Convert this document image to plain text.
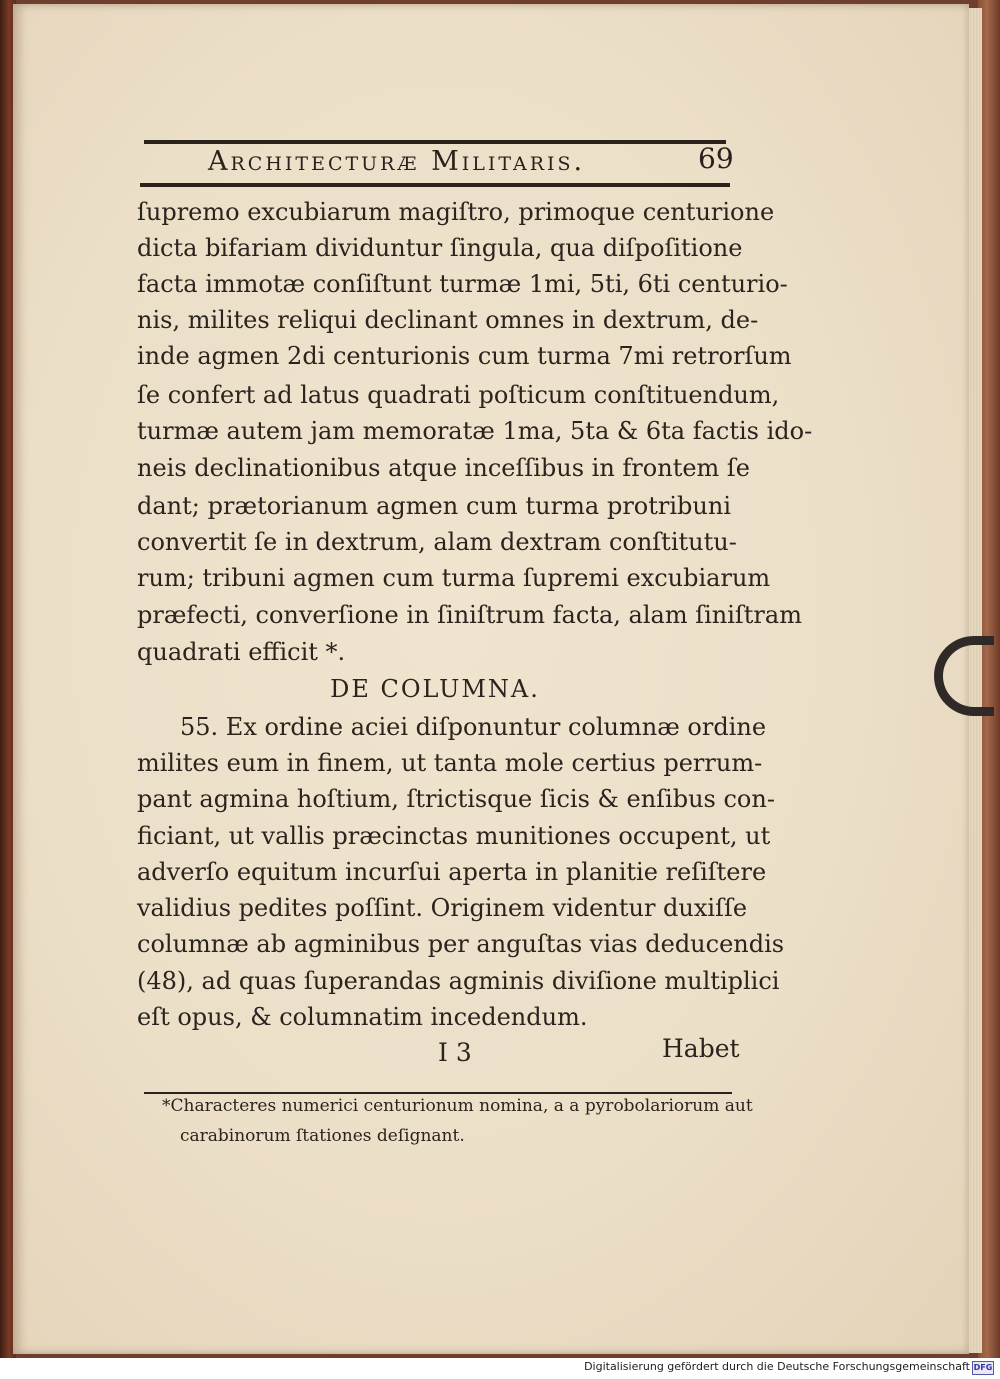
Architecturæ Militaris.	69
ſupremo excubiarum magiſtro, primoque centurione
dicta bifariam dividuntur ſingula, qua diſpoſitione
facta immotæ conſiſtunt turmæ 1mi, 5ti, 6ti centurio-
nis, milites reliqui declinant omnes in dextrum, de-
inde agmen 2di centurionis cum turma 7mi retrorſum
ſe confert ad latus quadrati poſticum conſtituendum,
turmæ autem jam memoratæ 1ma, 5ta & 6ta factis ido-
neis declinationibus atque inceſſibus in frontem ſe
dant; prætorianum agmen cum turma protribuni
convertit ſe in dextrum, alam dextram conſtitutu-
rum; tribuni agmen cum turma ſupremi excubiarum
præfecti, converſione in ſiniſtrum facta, alam ſiniſtram
quadrati efficit *.
DE COLUMNA.
55. Ex ordine aciei diſponuntur columnæ ordine
milites eum in finem, ut tanta mole certius perrum-
pant agmina hoſtium, ſtrictisque ſicis & enſibus con-
ficiant, ut vallis præcinctas munitiones occupent, ut
adverſo equitum incurſui aperta in planitie reſiſtere
validius pedites poſſint. Originem videntur duxiſſe
columnæ ab agminibus per anguſtas vias deducendis
(48), ad quas ſuperandas agminis diviſione multiplici
eſt opus, & columnatim incedendum.
I 3	Habet
*Characteres numerici centurionum nomina, a a pyrobolariorum aut
carabinorum ſtationes deſignant.
Digitalisierung gefördert durch die Deutsche Forschungsgemeinschaft DFG
